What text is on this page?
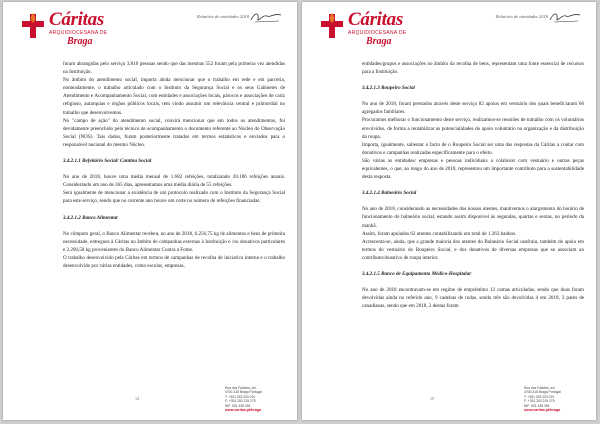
Cáritas
ARQUIDIOCESANA DE
Braga
Relatório de atividades 2018

foram abrangidas pelo serviço 3.810 pessoas sendo que das mesmas 552 foram pela primeira vez atendidas na Instituição.

No âmbito do atendimento social, importa ainda mencionar que o trabalho em rede e em parceria, nomeadamente, o trabalho articulado com o Instituto da Segurança Social e os seus Gabinetes de Atendimento e Acompanhamento Social, com entidades e associações locais, párocos e associações de cariz religioso, autarquias e órgãos públicos locais, tem vindo assumir um relevância central e primordial no trabalho que desenvolvemos.

No "campo de ação" do atendimento social, convirá mencionar que em todos os atendimentos, foi devidamente preenchido pelo técnico de acompanhamento o documento referente ao Núcleo do Observação Social (NOS). Tais dados, foram posteriormente tratados em termos estatísticos e enviados para o responsável nacional do mesmo Núcleo.

3.4.2.1.1 Refeitório Social/ Cantina Social

No ano de 2018, houve uma média mensal de 1.682 refeições, totalizando 20.186 refeições anuais. Considerando um ano de 365 dias, apresentamos uma média diária de 55 refeições.

Será igualmente de mencionar a existência de um protocolo realizado com o Instituto da Segurança Social para este serviço, sendo que no corrente ano houve um corte no número de refeições financiadas.

3.4.2.1.2 Banco Alimentar

No cômputo geral, o Banco Alimentar recebeu, no ano de 2018, 6.256,75 kg de alimentos e bens de primeira necessidade, entregues à Cáritas no âmbito de campanhas externas à Instituição e /ou donativos particulares e 2.200,58 kg provenientes do Banco Alimentar Contra a Fome.

O trabalho desenvolvido pela Cáritas em termos de campanhas de recolha de iniciativa interna e o trabalho desenvolvido por várias entidades, como escolas, empresas,

14
Rua dos Falcões, s/n
4700-318 Braga Portugal
T: +351 253 203 010
F: +351 253 215 275
NIF: 501 438 394
www.caritas.pt/braga
Cáritas
ARQUIDIOCESANA DE
Braga
Relatório de atividades 2018

entidades/grupos e associações no âmbito da recolha de bens, representam uma fonte essencial de recursos para a Instituição.

3.4.2.1.3 Roupeiro Social

No ano de 2018, foram prestados através deste serviço 82 apoios em vestuário dos quais beneficiaram 66 agregados familiares.

Procuramos melhorar o funcionamento deste serviço, realizamos-se reuniões de trabalho com os voluntários envolvidos, de forma a rentabilizar as potencialidades do apoio voluntário na organização e da distribuição da roupa.

Importa, igualmente, salientar o facto de o Roupeiro Social ser uma das respostas da Cáritas a contar com donativos e campanhas realizadas especificamente para o efeito.

São várias as entidades/ empresas e pessoas individuais a colaborar com vestuário e outras peças equivalentes, o que, ao longo do ano de 2018, representou um importante contributo para a sustentabilidade desta resposta.

3.4.2.1.4 Balneário Social

No ano de 2018, considerando as necessidades dos nossos utentes, mantivemos o alargamento do horário de funcionamento do balneário social, estando assim disponível às segundas, quartas e sextas, no período da manhã.

Assim, foram apoiados 62 utentes contabilizando um total de 1.263 banhos.

Acrescenta-se, ainda, que a grande maioria dos utentes do Balneário Social usufruiu, também do apoio em termos do vestuário do Roupeiro Social, e dos donativos de diversas empresas que se associam ao contributo/donativo de roupa interior.

3.4.2.1.5 Banco de Equipamento Médico-Hospitalar

No ano de 2018 encontravam-se em regime de empréstimo 12 camas articuladas, sendo que duas foram devolvidas ainda no referido ano, 9 cadeiras de rodas, sendo três são devolvidas 4 em 2018, 3 pares de canadianas, sendo que em 2018, 2 destas foram

15
Rua dos Falcões, s/n
4700-318 Braga Portugal
T: +351 253 203 010
F: +351 253 215 275
NIF: 501 438 394
www.caritas.pt/braga
